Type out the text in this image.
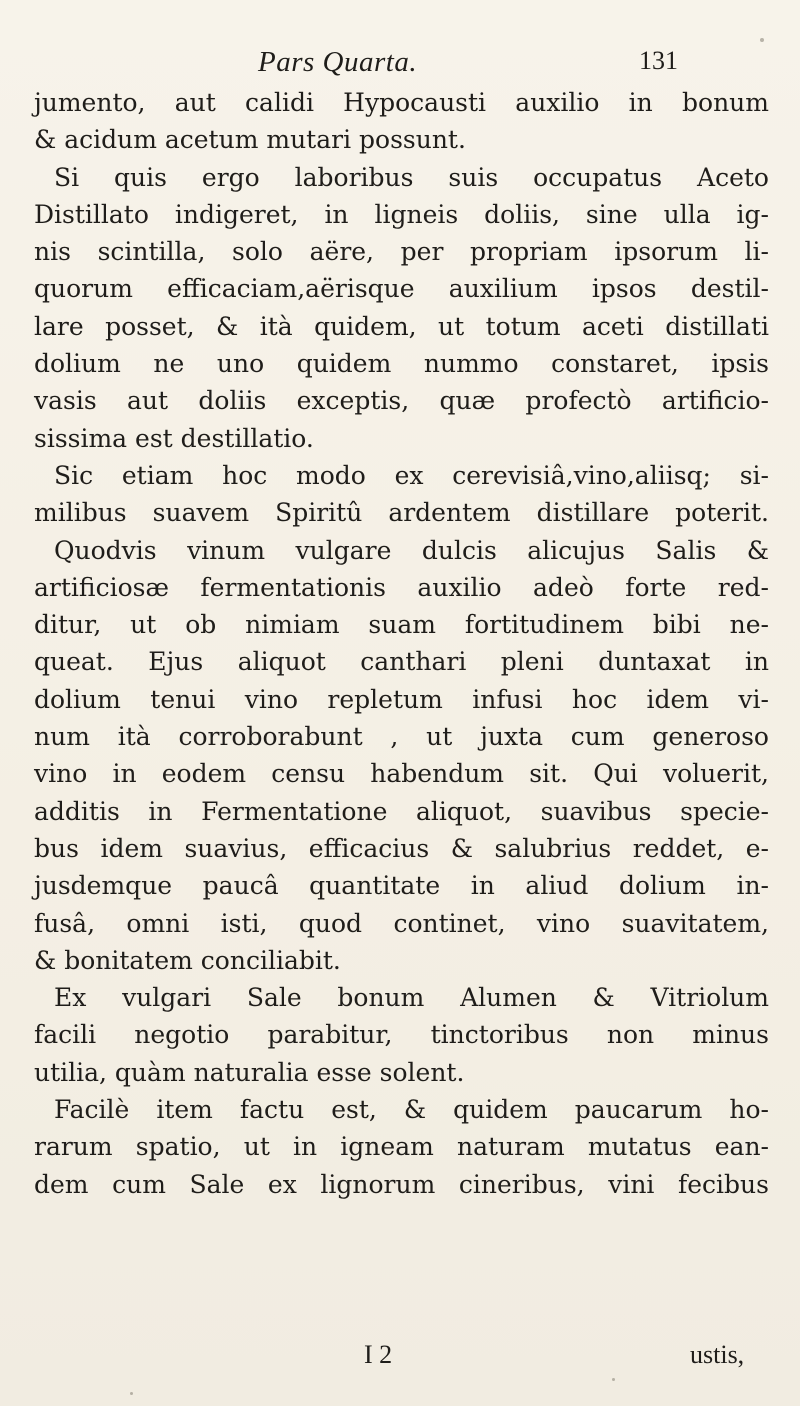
Pars Quarta.	131
jumento, aut calidi Hypocausti auxilio in bonum
& acidum acetum mutari possunt.
Si quis ergo laboribus suis occupatus Aceto
Distillato indigeret, in ligneis doliis, sine ulla ig-
nis scintilla, solo aëre, per propriam ipsorum li-
quorum efficaciam,aërisque auxilium ipsos destil-
lare posset, & ità quidem, ut totum aceti distillati
dolium ne uno quidem nummo constaret, ipsis
vasis aut doliis exceptis, quæ profectò artificio-
sissima est destillatio.
Sic etiam hoc modo ex cerevisiâ,vino,aliisq; si-
milibus suavem Spiritû ardentem distillare poterit.
Quodvis vinum vulgare dulcis alicujus Salis &
artificiosæ fermentationis auxilio adeò forte red-
ditur, ut ob nimiam suam fortitudinem bibi ne-
queat. Ejus aliquot canthari pleni duntaxat in
dolium tenui vino repletum infusi hoc idem vi-
num ità corroborabunt , ut juxta cum generoso
vino in eodem censu habendum sit. Qui voluerit,
additis in Fermentatione aliquot, suavibus specie-
bus idem suavius, efficacius & salubrius reddet, e-
jusdemque paucâ quantitate in aliud dolium in-
fusâ, omni isti, quod continet, vino suavitatem,
& bonitatem conciliabit.
Ex vulgari Sale bonum Alumen & Vitriolum
facili negotio parabitur, tinctoribus non minus
utilia, quàm naturalia esse solent.
Facilè item factu est, & quidem paucarum ho-
rarum spatio, ut in igneam naturam mutatus ean-
dem cum Sale ex lignorum cineribus, vini fecibus
I 2	ustis,
